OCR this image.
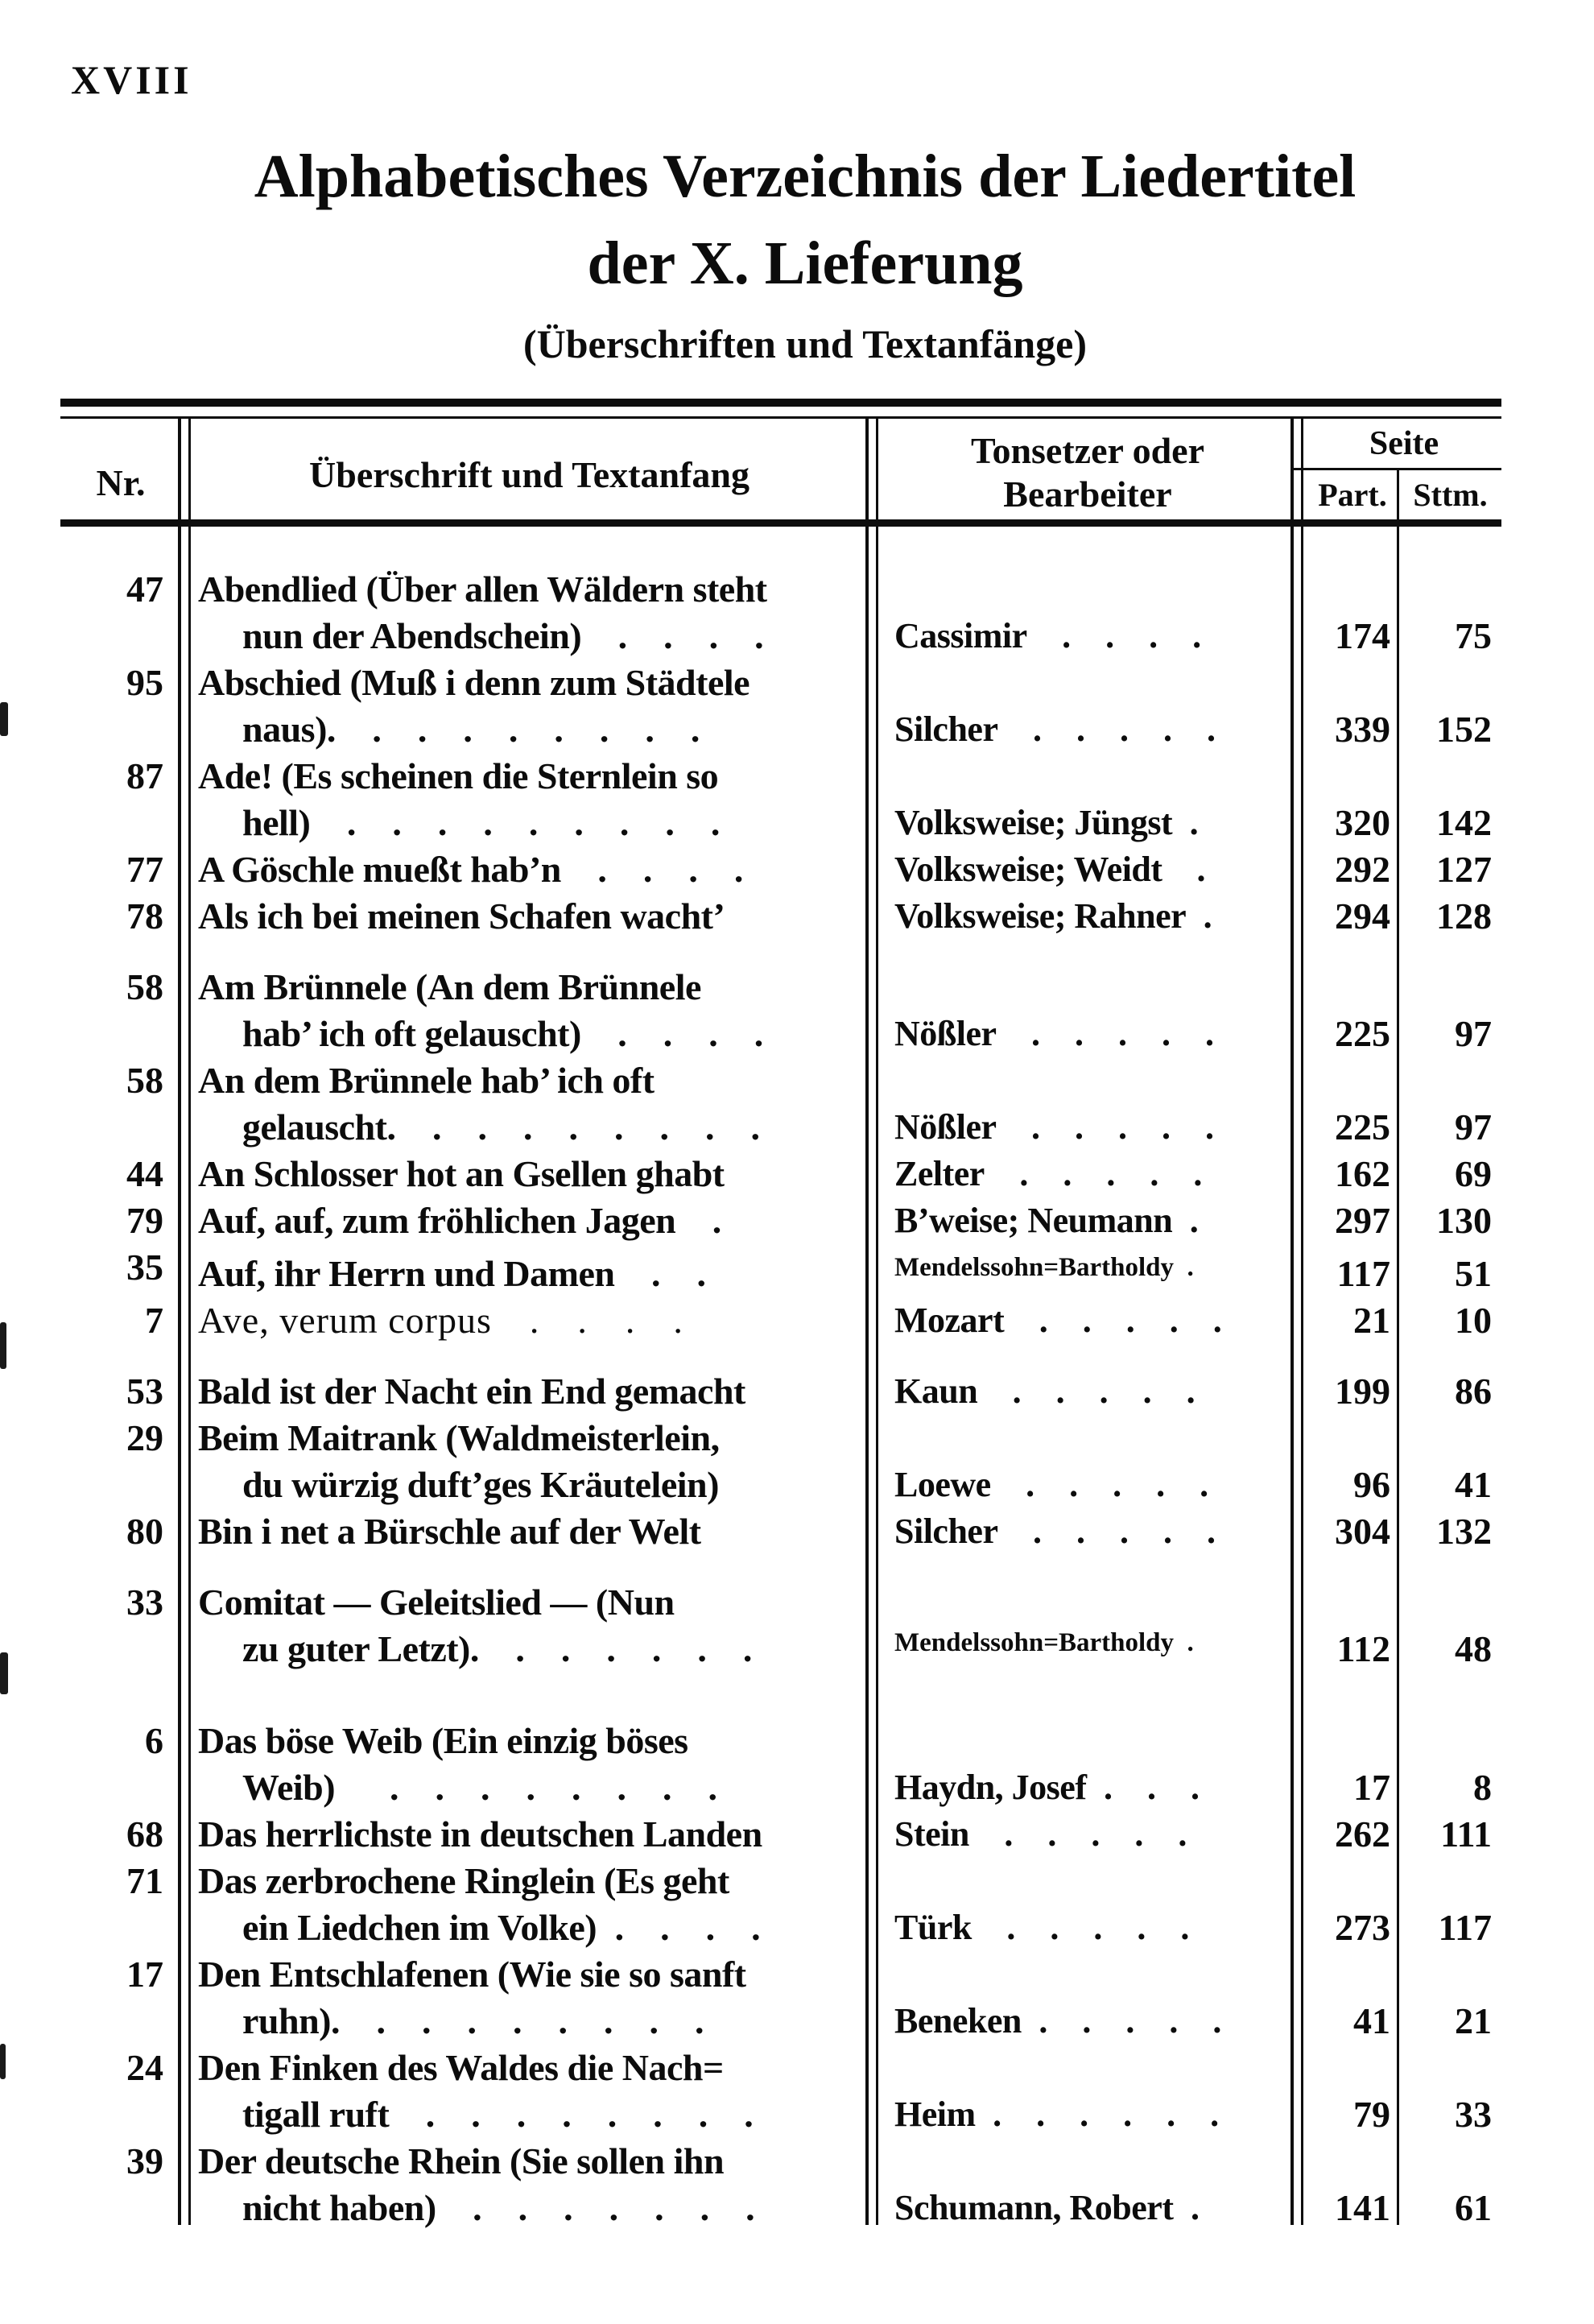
XVIII
Alphabetisches Verzeichnis der Liedertitel
der X. Lieferung
(Überschriften und Textanfänge)
Nr.	Überschrift und Textanfang
Tonsetzer oder
Bearbeiter
Seite
Part. Sttm.
47 Abendlied (Über allen Wäldern steht
nun der Abendschein) . . . .	Cassimir . . . .	174	75
95 Abschied (Muß i denn zum Städtele
naus). . . . . . . . .	Silcher . . . . .	339	152
87 Ade! (Es scheinen die Sternlein so
hell) . . . . . . . . .	Volksweise; Jüngst .	320	142
77 A Göschle mueßt hab’n . . . .	Volksweise; Weidt  .	292	127
78 Als ich bei meinen Schafen wacht’	Volksweise; Rahner .	294	128
58 Am Brünnele (An dem Brünnele
hab’ ich oft gelauscht) . . . .	Nößler . . . . .	225	97
58 An dem Brünnele hab’ ich oft
gelauscht. . . . . . . . .	Nößler . . . . .	225	97
44 An Schlosser hot an Gsellen ghabt	Zelter . . . . .	162	69
79 Auf, auf, zum fröhlichen Jagen .	B’weise; Neumann .	297	130
35 Auf, ihr Herrn und Damen . .	Mendelssohn=Bartholdy .	117	51
7 Ave, verum corpus . . . .	Mozart . . . . .	21	10
53 Bald ist der Nacht ein End gemacht	Kaun . . . . .	199	86
29 Beim Maitrank (Waldmeisterlein,
du würzig duft’ges Kräutelein)	Loewe . . . . .	96	41
80 Bin i net a Bürschle auf der Welt	Silcher . . . . .	304	132
33 Comitat — Geleitslied — (Nun
zu guter Letzt). . . . . . .	Mendelssohn=Bartholdy .	112	48
6 Das böse Weib (Ein einzig böses
Weib)  . . . . . . . .	Haydn, Josef . . .	17	8
68 Das herrlichste in deutschen Landen	Stein . . . . .	262	111
71 Das zerbrochene Ringlein (Es geht
ein Liedchen im Volke) . . . .	Türk . . . . .	273	117
17 Den Entschlafenen (Wie sie so sanft
ruhn). . . . . . . . .	Beneken . . . . .	41	21
24 Den Finken des Waldes die Nach=
tigall ruft . . . . . . . .	Heim . . . . . .	79	33
39 Der deutsche Rhein (Sie sollen ihn
nicht haben) . . . . . . .	Schumann, Robert .	141	61
